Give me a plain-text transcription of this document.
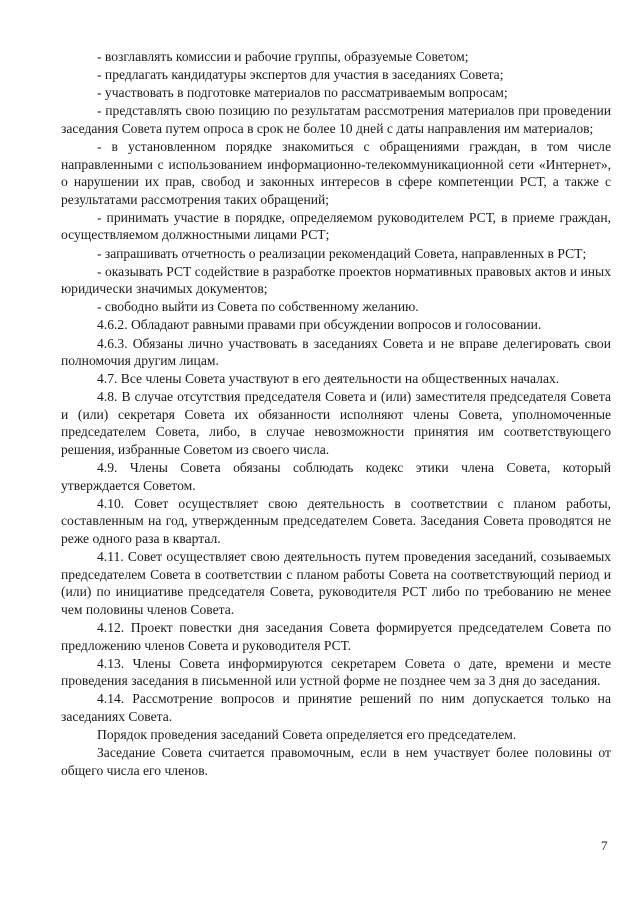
- возглавлять комиссии и рабочие группы, образуемые Советом;

- предлагать кандидатуры экспертов для участия в заседаниях Совета;

- участвовать в подготовке материалов по рассматриваемым вопросам;

- представлять свою позицию по результатам рассмотрения материалов при проведении заседания Совета путем опроса в срок не более 10 дней с даты направления им материалов;

- в установленном порядке знакомиться с обращениями граждан, в том числе направленными с использованием информационно-телекоммуникационной сети «Интернет», о нарушении их прав, свобод и законных интересов в сфере компетенции РСТ, а также с результатами рассмотрения таких обращений;

- принимать участие в порядке, определяемом руководителем РСТ, в приеме граждан, осуществляемом должностными лицами РСТ;

- запрашивать отчетность о реализации рекомендаций Совета, направленных в РСТ;

- оказывать РСТ содействие в разработке проектов нормативных правовых актов и иных юридически значимых документов;

- свободно выйти из Совета по собственному желанию.

4.6.2. Обладают равными правами при обсуждении вопросов и голосовании.

4.6.3. Обязаны лично участвовать в заседаниях Совета и не вправе делегировать свои полномочия другим лицам.

4.7. Все члены Совета участвуют в его деятельности на общественных началах.

4.8. В случае отсутствия председателя Совета и (или) заместителя председателя Совета и (или) секретаря Совета их обязанности исполняют члены Совета, уполномоченные председателем Совета, либо, в случае невозможности принятия им соответствующего решения, избранные Советом из своего числа.

4.9. Члены Совета обязаны соблюдать кодекс этики члена Совета, который утверждается Советом.

4.10. Совет осуществляет свою деятельность в соответствии с планом работы, составленным на год, утвержденным председателем Совета. Заседания Совета проводятся не реже одного раза в квартал.

4.11. Совет осуществляет свою деятельность путем проведения заседаний, созываемых председателем Совета в соответствии с планом работы Совета на соответствующий период и (или) по инициативе председателя Совета, руководителя РСТ либо по требованию не менее чем половины членов Совета.

4.12. Проект повестки дня заседания Совета формируется председателем Совета по предложению членов Совета и руководителя РСТ.

4.13. Члены Совета информируются секретарем Совета о дате, времени и месте проведения заседания в письменной или устной форме не позднее чем за 3 дня до заседания.

4.14. Рассмотрение вопросов и принятие решений по ним допускается только на заседаниях Совета.

Порядок проведения заседаний Совета определяется его председателем.

Заседание Совета считается правомочным, если в нем участвует более половины от общего числа его членов.

7
